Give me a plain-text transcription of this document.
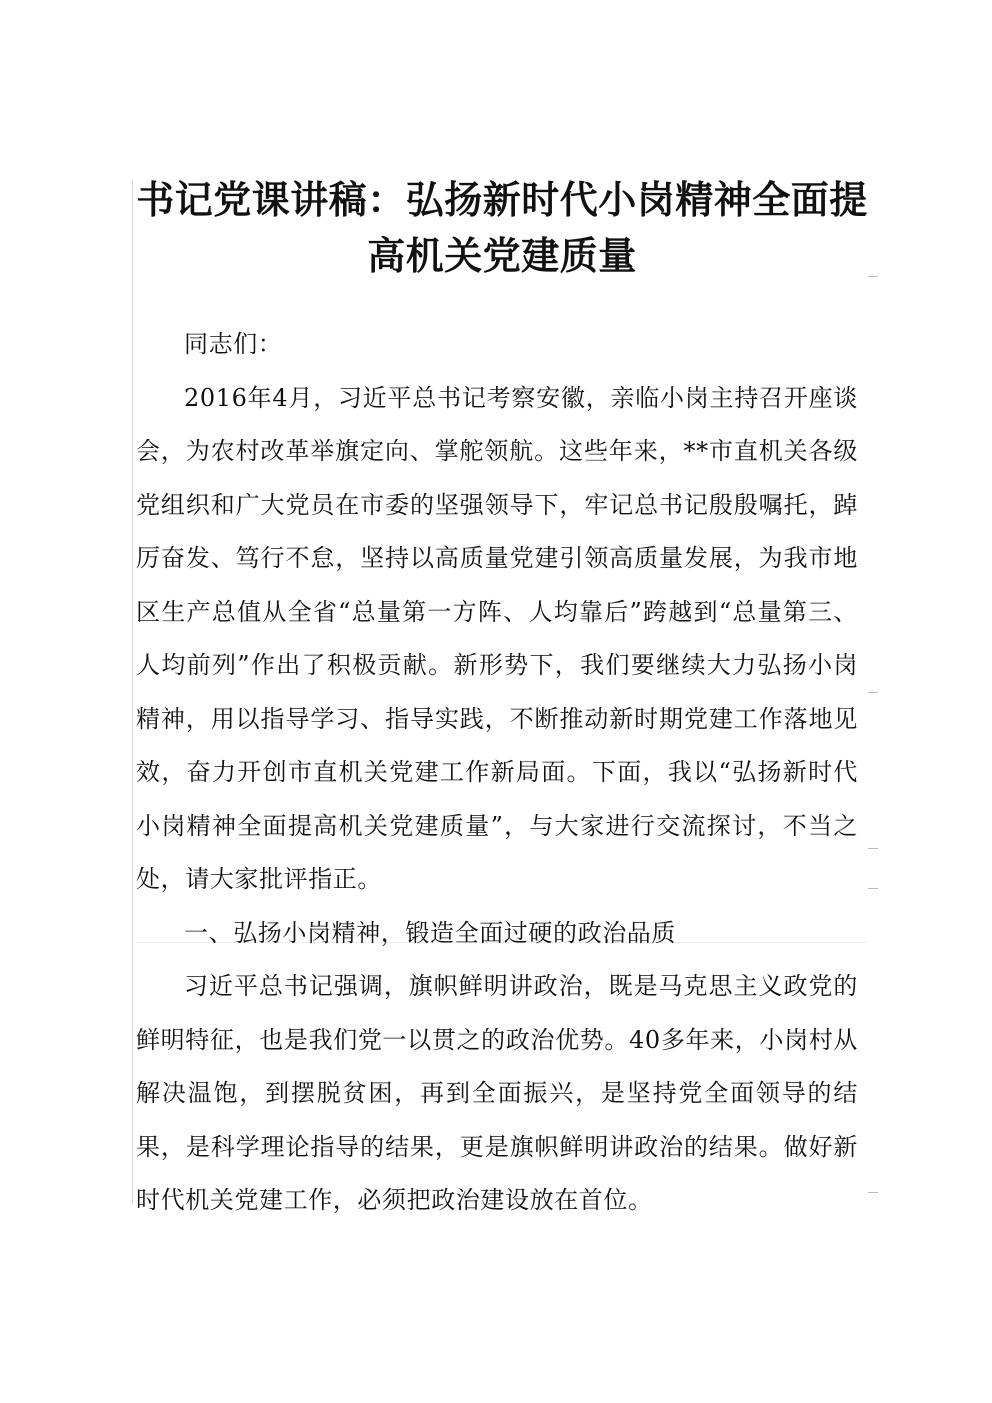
书记党课讲稿：弘扬新时代小岗精神全面提高机关党建质量

同志们：

2016年4月，习近平总书记考察安徽，亲临小岗主持召开座谈会，为农村改革举旗定向、掌舵领航。这些年来，**市直机关各级党组织和广大党员在市委的坚强领导下，牢记总书记殷殷嘱托，踔厉奋发、笃行不怠，坚持以高质量党建引领高质量发展，为我市地区生产总值从全省“总量第一方阵、人均靠后”跨越到“总量第三、人均前列”作出了积极贡献。新形势下，我们要继续大力弘扬小岗精神，用以指导学习、指导实践，不断推动新时期党建工作落地见效，奋力开创市直机关党建工作新局面。下面，我以“弘扬新时代小岗精神全面提高机关党建质量”，与大家进行交流探讨，不当之处，请大家批评指正。

一、弘扬小岗精神，锻造全面过硬的政治品质

习近平总书记强调，旗帜鲜明讲政治，既是马克思主义政党的鲜明特征，也是我们党一以贯之的政治优势。40多年来，小岗村从解决温饱，到摆脱贫困，再到全面振兴，是坚持党全面领导的结果，是科学理论指导的结果，更是旗帜鲜明讲政治的结果。做好新时代机关党建工作，必须把政治建设放在首位。
